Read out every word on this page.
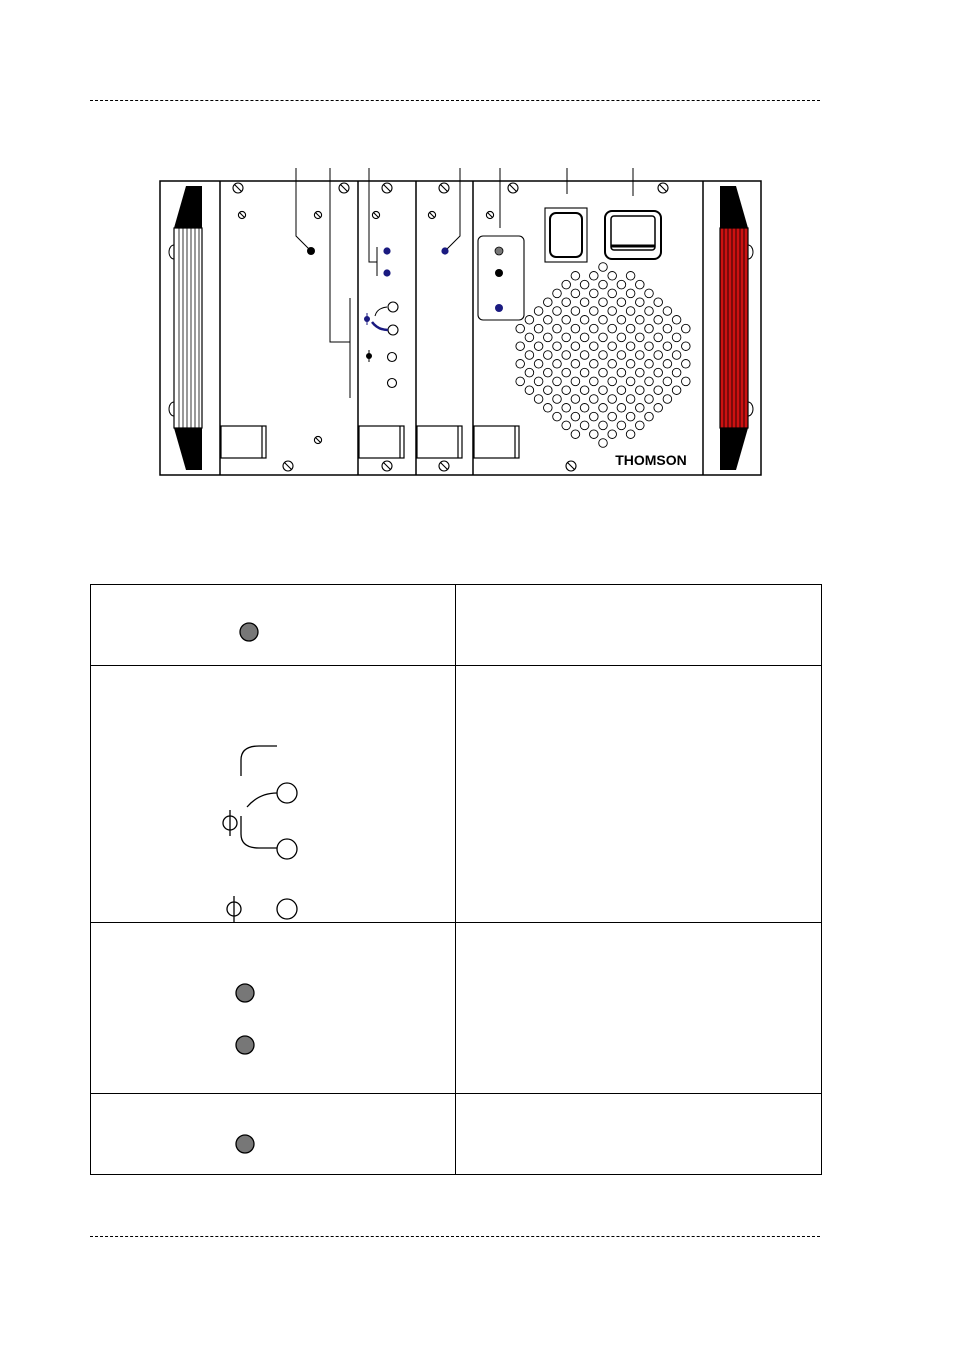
THOMSON
